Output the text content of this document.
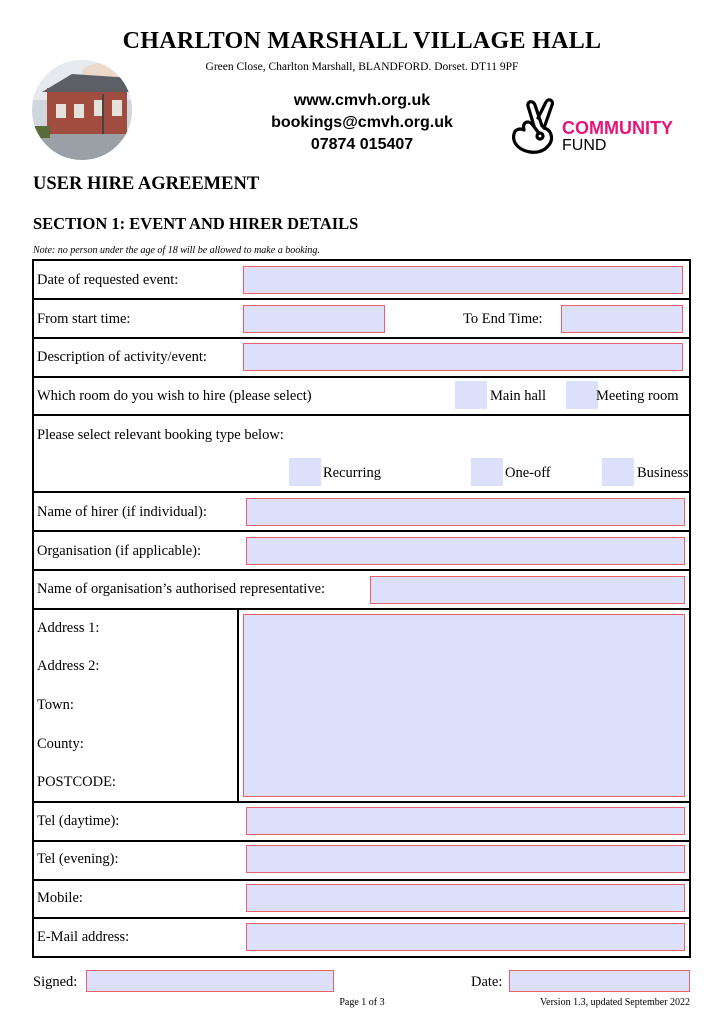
CHARLTON MARSHALL VILLAGE HALL
Green Close, Charlton Marshall, BLANDFORD. Dorset. DT11 9PF
www.cmvh.org.uk
bookings@cmvh.org.uk
07874 015407
COMMUNITY
FUND
USER HIRE AGREEMENT
SECTION 1: EVENT AND HIRER DETAILS
Note: no person under the age of 18 will be allowed to make a booking.
Date of requested event:
From start time:	To End Time:
Description of activity/event:
Which room do you wish to hire (please select)	Main hall	Meeting room
Please select relevant booking type below:
Recurring	One-off	Business
Name of hirer (if individual):
Organisation (if applicable):
Name of organisation’s authorised representative:
Address 1:
Address 2:
Town:
County:
POSTCODE:
Tel (daytime):
Tel (evening):
Mobile:
E-Mail address:
Signed:	Date:
Page 1 of 3	Version 1.3, updated September 2022
